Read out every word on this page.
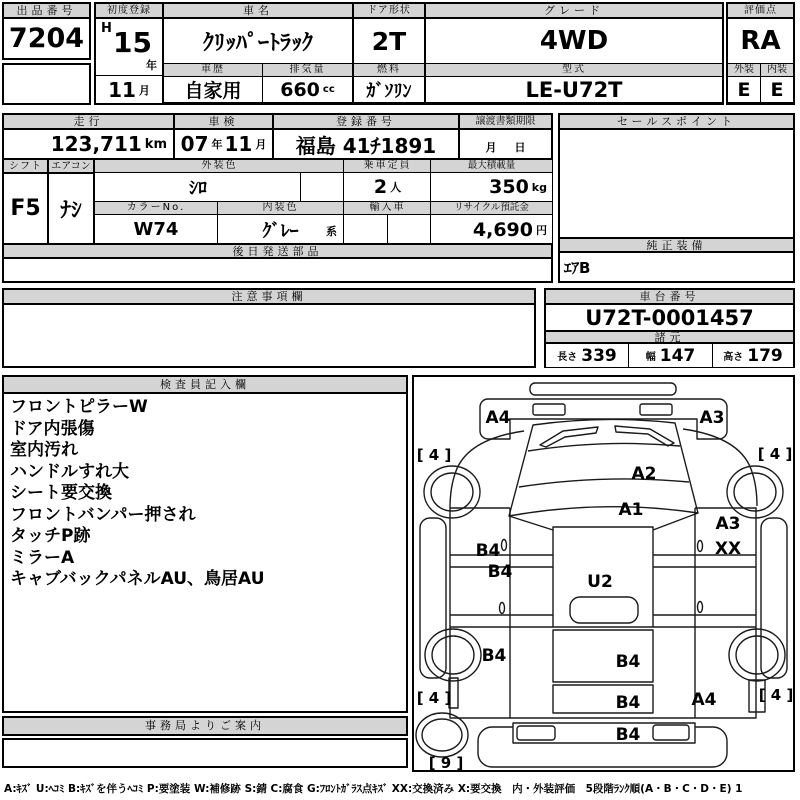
出品番号
7204
初度登録
H 15
年
11 月
車名
ｸﾘｯﾊﾟｰﾄﾗｯｸ
車歴	排気量
自家用	660 cc
ドア形状
2T
燃料
ｶﾞｿﾘﾝ
グレード
4WD
型式
LE-U72T
評価点
RA
外装	内装
E	E
走行
123,711 km
車検
07 年 11 月
登録番号
福島 41ﾁ1891
譲渡書類期限
月 日
シフト
F5
エアコン
ﾅｼ
外装色	乗車定員	最大積載量
ｼﾛ	2 人	350 kg
カラーNo.	内装色	輸入車	リサイクル預託金
W74	ｸﾞﾚｰ	系	4,690 円
後日発送部品
セールスポイント
純正装備
ｴｱB
注意事項欄	車台番号
U72T-0001457
諸元
長さ 339	幅 147	高さ 179
検査員記入欄
フロントピラーW
ドア内張傷
室内汚れ
ハンドルすれ大
シート要交換
フロントバンパー押され
タッチP跡
ミラーA
キャブバックパネルAU、鳥居AU
事務局よりご案内
A4	A3
A2
A1
B4
B4
A3
XX
U2
B4	B4
B4
B4
A4
[ 4 ]	[ 4 ]
[ 4 ]	[ 4 ]
[ 9 ]
A:ｷｽﾞ U:ﾍｺﾐ B:ｷｽﾞを伴うﾍｺﾐ P:要塗装 W:補修跡 S:錆 C:腐食 G:ﾌﾛﾝﾄｶﾞﾗｽ点ｷｽﾞ XX:交換済み X:要交換　内・外装評価　5段階ﾗﾝｸ順(A・B・C・D・E) 1
